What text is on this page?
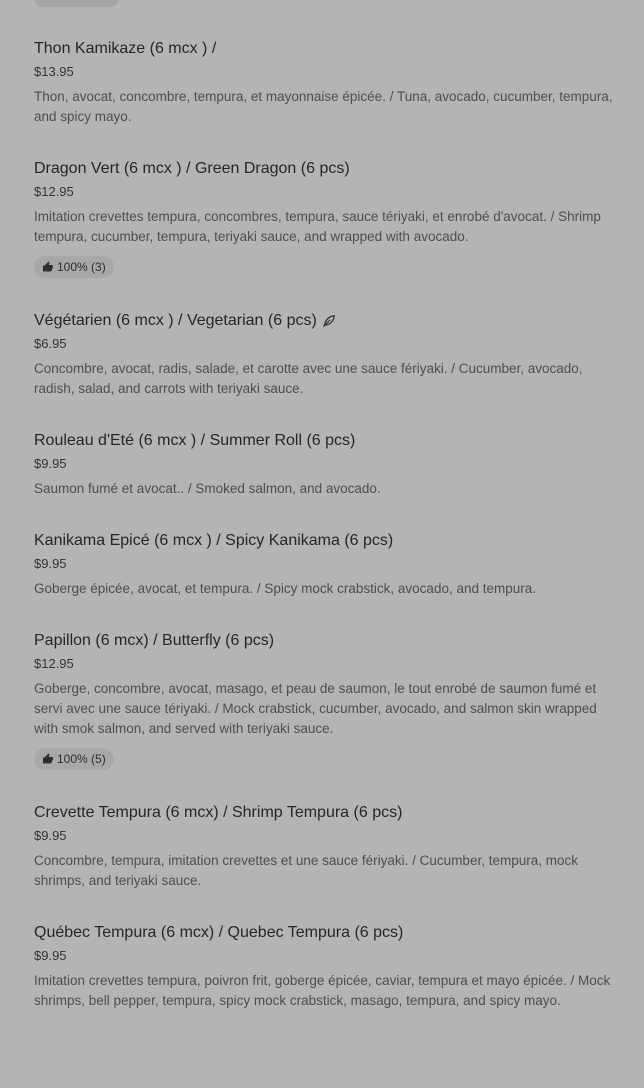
Thon Kamikaze (6 mcx ) /
$13.95
Thon, avocat, concombre, tempura, et mayonnaise épicée. / Tuna, avocado, cucumber, tempura, and spicy mayo.
Dragon Vert (6 mcx ) / Green Dragon (6 pcs)
$12.95
Imitation crevettes tempura, concombres, tempura, sauce tériyaki, et enrobé d'avocat. / Shrimp tempura, cucumber, tempura, teriyaki sauce, and wrapped with avocado.
100% (3)
Végétarien (6 mcx ) / Vegetarian (6 pcs)
$6.95
Concombre, avocat, radis, salade, et carotte avec une sauce fériyaki. / Cucumber, avocado, radish, salad, and carrots with teriyaki sauce.
Rouleau d'Eté (6 mcx ) / Summer Roll (6 pcs)
$9.95
Saumon fumé et avocat.. / Smoked salmon, and avocado.
Kanikama Epicé (6 mcx ) / Spicy Kanikama (6 pcs)
$9.95
Goberge épicée, avocat, et tempura. / Spicy mock crabstick, avocado, and tempura.
Papillon (6 mcx) / Butterfly (6 pcs)
$12.95
Goberge, concombre, avocat, masago, et peau de saumon, le tout enrobé de saumon fumé et servi avec une sauce tériyaki. / Mock crabstick, cucumber, avocado, and salmon skin wrapped with smok salmon, and served with teriyaki sauce.
100% (5)
Crevette Tempura (6 mcx) / Shrimp Tempura (6 pcs)
$9.95
Concombre, tempura, imitation crevettes et une sauce fériyaki. / Cucumber, tempura, mock shrimps, and teriyaki sauce.
Québec Tempura (6 mcx) / Quebec Tempura (6 pcs)
$9.95
Imitation crevettes tempura, poivron frit, goberge épicée, caviar, tempura et mayo épicée. / Mock shrimps, bell pepper, tempura, spicy mock crabstick, masago, tempura, and spicy mayo.
